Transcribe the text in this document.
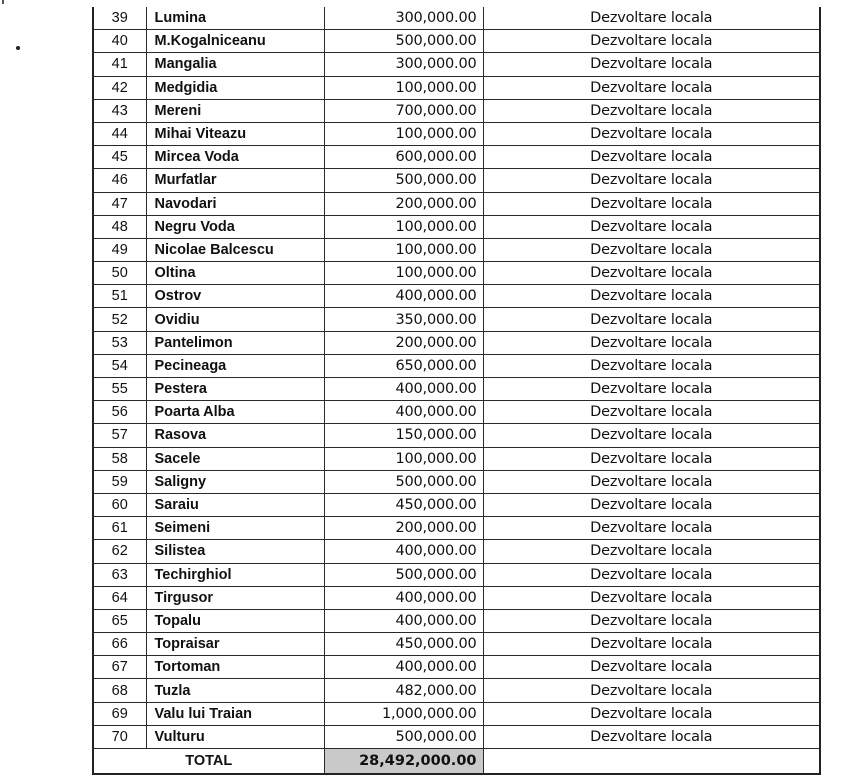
39	Lumina	300,000.00	Dezvoltare locala
40	M.Kogalniceanu	500,000.00	Dezvoltare locala
41	Mangalia	300,000.00	Dezvoltare locala
42	Medgidia	100,000.00	Dezvoltare locala
43	Mereni	700,000.00	Dezvoltare locala
44	Mihai Viteazu	100,000.00	Dezvoltare locala
45	Mircea Voda	600,000.00	Dezvoltare locala
46	Murfatlar	500,000.00	Dezvoltare locala
47	Navodari	200,000.00	Dezvoltare locala
48	Negru Voda	100,000.00	Dezvoltare locala
49	Nicolae Balcescu	100,000.00	Dezvoltare locala
50	Oltina	100,000.00	Dezvoltare locala
51	Ostrov	400,000.00	Dezvoltare locala
52	Ovidiu	350,000.00	Dezvoltare locala
53	Pantelimon	200,000.00	Dezvoltare locala
54	Pecineaga	650,000.00	Dezvoltare locala
55	Pestera	400,000.00	Dezvoltare locala
56	Poarta Alba	400,000.00	Dezvoltare locala
57	Rasova	150,000.00	Dezvoltare locala
58	Sacele	100,000.00	Dezvoltare locala
59	Saligny	500,000.00	Dezvoltare locala
60	Saraiu	450,000.00	Dezvoltare locala
61	Seimeni	200,000.00	Dezvoltare locala
62	Silistea	400,000.00	Dezvoltare locala
63	Techirghiol	500,000.00	Dezvoltare locala
64	Tirgusor	400,000.00	Dezvoltare locala
65	Topalu	400,000.00	Dezvoltare locala
66	Topraisar	450,000.00	Dezvoltare locala
67	Tortoman	400,000.00	Dezvoltare locala
68	Tuzla	482,000.00	Dezvoltare locala
69	Valu lui Traian	1,000,000.00	Dezvoltare locala
70	Vulturu	500,000.00	Dezvoltare locala
TOTAL		28,492,000.00	
